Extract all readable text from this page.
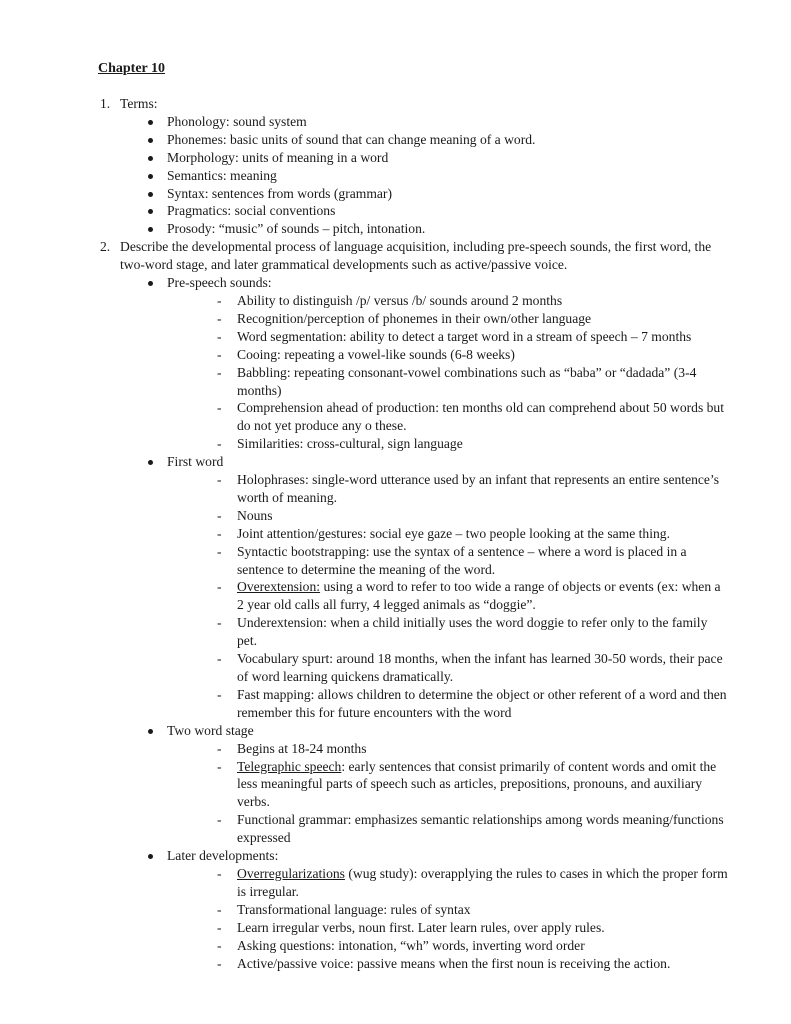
Chapter 10
1. Terms:
Phonology: sound system
Phonemes: basic units of sound that can change meaning of a word.
Morphology: units of meaning in a word
Semantics: meaning
Syntax: sentences from words (grammar)
Pragmatics: social conventions
Prosody: “music” of sounds – pitch, intonation.
2. Describe the developmental process of language acquisition, including pre-speech sounds, the first word, the two-word stage, and later grammatical developments such as active/passive voice.
Pre-speech sounds:
- Ability to distinguish /p/ versus /b/ sounds around 2 months
- Recognition/perception of phonemes in their own/other language
- Word segmentation: ability to detect a target word in a stream of speech – 7 months
- Cooing: repeating a vowel-like sounds (6-8 weeks)
- Babbling: repeating consonant-vowel combinations such as “baba” or “dadada” (3-4 months)
- Comprehension ahead of production: ten months old can comprehend about 50 words but do not yet produce any o these.
- Similarities: cross-cultural, sign language
First word
- Holophrases: single-word utterance used by an infant that represents an entire sentence’s worth of meaning.
- Nouns
- Joint attention/gestures: social eye gaze – two people looking at the same thing.
- Syntactic bootstrapping: use the syntax of a sentence – where a word is placed in a sentence to determine the meaning of the word.
- Overextension: using a word to refer to too wide a range of objects or events (ex: when a 2 year old calls all furry, 4 legged animals as “doggie”.
- Underextension: when a child initially uses the word doggie to refer only to the family pet.
- Vocabulary spurt: around 18 months, when the infant has learned 30-50 words, their pace of word learning quickens dramatically.
- Fast mapping: allows children to determine the object or other referent of a word and then remember this for future encounters with the word
Two word stage
- Begins at 18-24 months
- Telegraphic speech: early sentences that consist primarily of content words and omit the less meaningful parts of speech such as articles, prepositions, pronouns, and auxiliary verbs.
- Functional grammar: emphasizes semantic relationships among words meaning/functions expressed
Later developments:
- Overregularizations (wug study): overapplying the rules to cases in which the proper form is irregular.
- Transformational language: rules of syntax
- Learn irregular verbs, noun first. Later learn rules, over apply rules.
- Asking questions: intonation, “wh” words, inverting word order
- Active/passive voice: passive means when the first noun is receiving the action.
